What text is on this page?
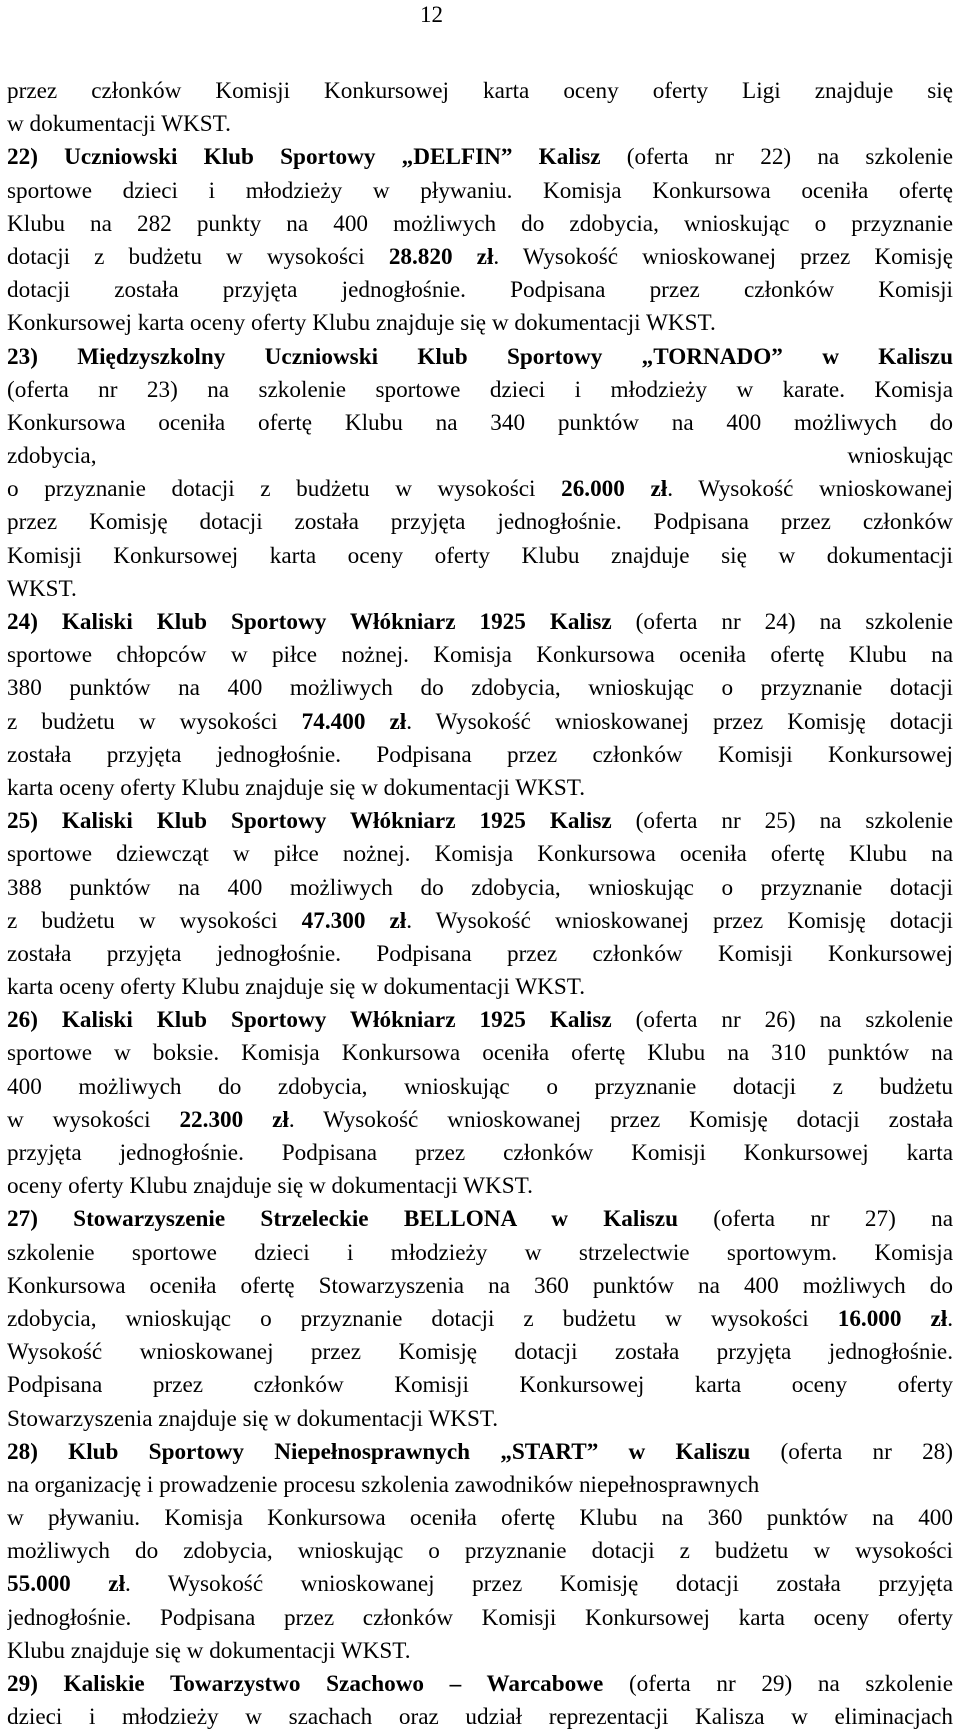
12
przez członków Komisji Konkursowej karta oceny oferty Ligi znajduje się
w dokumentacji WKST.
22) Uczniowski Klub Sportowy „DELFIN” Kalisz (oferta nr 22) na szkolenie
sportowe dzieci i młodzieży w pływaniu. Komisja Konkursowa oceniła ofertę
Klubu na 282 punkty na 400 możliwych do zdobycia, wnioskując o przyznanie
dotacji z budżetu w wysokości 28.820 zł. Wysokość wnioskowanej przez Komisję
dotacji została przyjęta jednogłośnie. Podpisana przez członków Komisji
Konkursowej karta oceny oferty Klubu znajduje się w dokumentacji WKST.
23) Międzyszkolny Uczniowski Klub Sportowy „TORNADO” w Kaliszu
(oferta nr 23) na szkolenie sportowe dzieci i młodzieży w karate. Komisja
Konkursowa oceniła ofertę Klubu na 340 punktów na 400 możliwych do
zdobycia, wnioskując
o przyznanie dotacji z budżetu w wysokości 26.000 zł. Wysokość wnioskowanej
przez Komisję dotacji została przyjęta jednogłośnie. Podpisana przez członków
Komisji Konkursowej karta oceny oferty Klubu znajduje się w dokumentacji
WKST.
24) Kaliski Klub Sportowy Włókniarz 1925 Kalisz (oferta nr 24) na szkolenie
sportowe chłopców w piłce nożnej. Komisja Konkursowa oceniła ofertę Klubu na
380 punktów na 400 możliwych do zdobycia, wnioskując o przyznanie dotacji
z budżetu w wysokości 74.400 zł. Wysokość wnioskowanej przez Komisję dotacji
została przyjęta jednogłośnie. Podpisana przez członków Komisji Konkursowej
karta oceny oferty Klubu znajduje się w dokumentacji WKST.
25) Kaliski Klub Sportowy Włókniarz 1925 Kalisz (oferta nr 25) na szkolenie
sportowe dziewcząt w piłce nożnej. Komisja Konkursowa oceniła ofertę Klubu na
388 punktów na 400 możliwych do zdobycia, wnioskując o przyznanie dotacji
z budżetu w wysokości 47.300 zł. Wysokość wnioskowanej przez Komisję dotacji
została przyjęta jednogłośnie. Podpisana przez członków Komisji Konkursowej
karta oceny oferty Klubu znajduje się w dokumentacji WKST.
26) Kaliski Klub Sportowy Włókniarz 1925 Kalisz (oferta nr 26) na szkolenie
sportowe w boksie. Komisja Konkursowa oceniła ofertę Klubu na 310 punktów na
400 możliwych do zdobycia, wnioskując o przyznanie dotacji z budżetu
w wysokości 22.300 zł. Wysokość wnioskowanej przez Komisję dotacji została
przyjęta jednogłośnie. Podpisana przez członków Komisji Konkursowej karta
oceny oferty Klubu znajduje się w dokumentacji WKST.
27) Stowarzyszenie Strzeleckie BELLONA w Kaliszu (oferta nr 27) na
szkolenie sportowe dzieci i młodzieży w strzelectwie sportowym. Komisja
Konkursowa oceniła ofertę Stowarzyszenia na 360 punktów na 400 możliwych do
zdobycia, wnioskując o przyznanie dotacji z budżetu w wysokości 16.000 zł.
Wysokość wnioskowanej przez Komisję dotacji została przyjęta jednogłośnie.
Podpisana przez członków Komisji Konkursowej karta oceny oferty
Stowarzyszenia znajduje się w dokumentacji WKST.
28) Klub Sportowy Niepełnosprawnych „START” w Kaliszu (oferta nr 28)
na organizację i prowadzenie procesu szkolenia zawodników niepełnosprawnych
w pływaniu. Komisja Konkursowa oceniła ofertę Klubu na 360 punktów na 400
możliwych do zdobycia, wnioskując o przyznanie dotacji z budżetu w wysokości
55.000 zł. Wysokość wnioskowanej przez Komisję dotacji została przyjęta
jednogłośnie. Podpisana przez członków Komisji Konkursowej karta oceny oferty
Klubu znajduje się w dokumentacji WKST.
29) Kaliskie Towarzystwo Szachowo – Warcabowe (oferta nr 29) na szkolenie
dzieci i młodzieży w szachach oraz udział reprezentacji Kalisza w eliminacjach
